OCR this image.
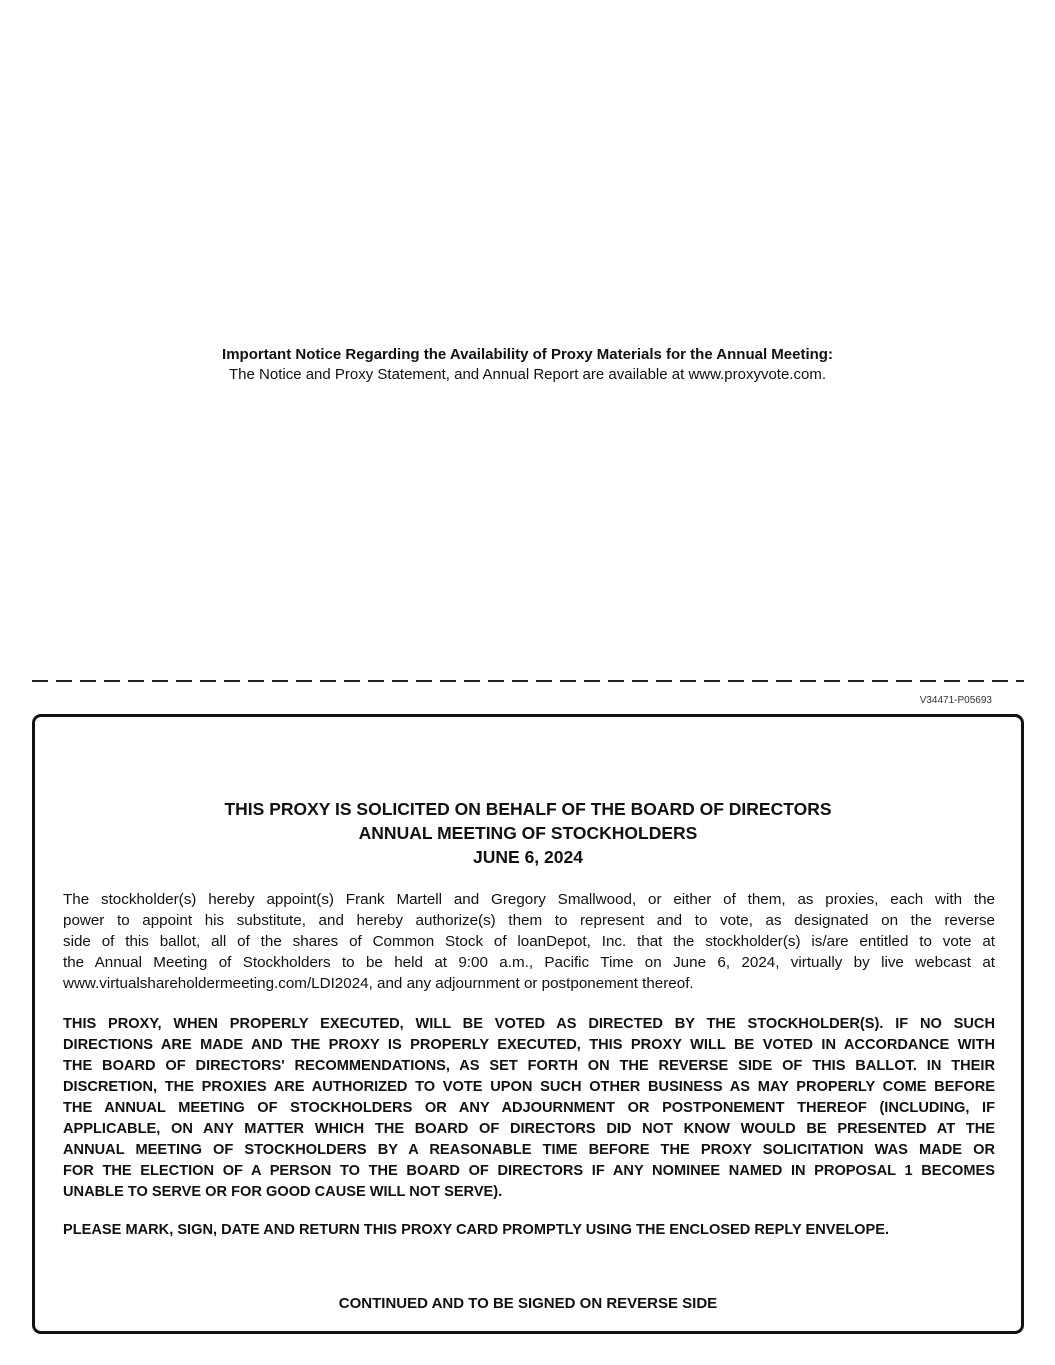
Important Notice Regarding the Availability of Proxy Materials for the Annual Meeting:
The Notice and Proxy Statement, and Annual Report are available at www.proxyvote.com.
V34471-P05693
THIS PROXY IS SOLICITED ON BEHALF OF THE BOARD OF DIRECTORS
ANNUAL MEETING OF STOCKHOLDERS
JUNE 6, 2024
The stockholder(s) hereby appoint(s) Frank Martell and Gregory Smallwood, or either of them, as proxies, each with the
power to appoint his substitute, and hereby authorize(s) them to represent and to vote, as designated on the reverse
side of this ballot, all of the shares of Common Stock of loanDepot, Inc. that the stockholder(s) is/are entitled to vote at
the Annual Meeting of Stockholders to be held at 9:00 a.m., Pacific Time on June 6, 2024, virtually by live webcast at
www.virtualshareholdermeeting.com/LDI2024, and any adjournment or postponement thereof.
THIS PROXY, WHEN PROPERLY EXECUTED, WILL BE VOTED AS DIRECTED BY THE STOCKHOLDER(S). IF NO SUCH
DIRECTIONS ARE MADE AND THE PROXY IS PROPERLY EXECUTED, THIS PROXY WILL BE VOTED IN ACCORDANCE WITH
THE BOARD OF DIRECTORS' RECOMMENDATIONS, AS SET FORTH ON THE REVERSE SIDE OF THIS BALLOT. IN THEIR
DISCRETION, THE PROXIES ARE AUTHORIZED TO VOTE UPON SUCH OTHER BUSINESS AS MAY PROPERLY COME BEFORE
THE ANNUAL MEETING OF STOCKHOLDERS OR ANY ADJOURNMENT OR POSTPONEMENT THEREOF (INCLUDING, IF
APPLICABLE, ON ANY MATTER WHICH THE BOARD OF DIRECTORS DID NOT KNOW WOULD BE PRESENTED AT THE
ANNUAL MEETING OF STOCKHOLDERS BY A REASONABLE TIME BEFORE THE PROXY SOLICITATION WAS MADE OR
FOR THE ELECTION OF A PERSON TO THE BOARD OF DIRECTORS IF ANY NOMINEE NAMED IN PROPOSAL 1 BECOMES
UNABLE TO SERVE OR FOR GOOD CAUSE WILL NOT SERVE).
PLEASE MARK, SIGN, DATE AND RETURN THIS PROXY CARD PROMPTLY USING THE ENCLOSED REPLY ENVELOPE.
CONTINUED AND TO BE SIGNED ON REVERSE SIDE
